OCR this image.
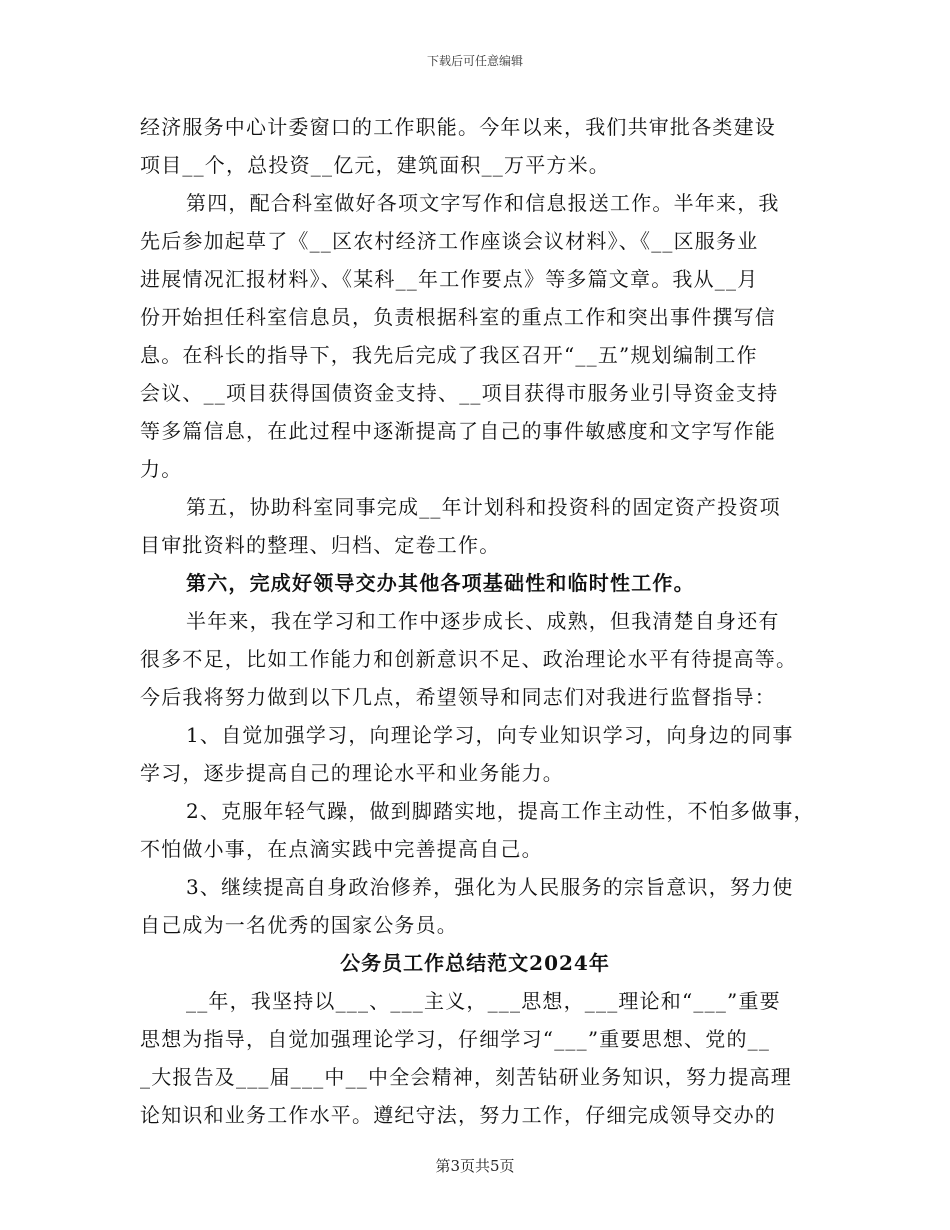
下载后可任意编辑
经济服务中心计委窗口的工作职能。今年以来，我们共审批各类建设
项目__个，总投资__亿元，建筑面积__万平方米。
第四，配合科室做好各项文字写作和信息报送工作。半年来，我
先后参加起草了《__区农村经济工作座谈会议材料》、《__区服务业
进展情况汇报材料》、《某科__年工作要点》等多篇文章。我从__月
份开始担任科室信息员，负责根据科室的重点工作和突出事件撰写信
息。在科长的指导下，我先后完成了我区召开“__五”规划编制工作
会议、__项目获得国债资金支持、__项目获得市服务业引导资金支持
等多篇信息，在此过程中逐渐提高了自己的事件敏感度和文字写作能
力。
第五，协助科室同事完成__年计划科和投资科的固定资产投资项
目审批资料的整理、归档、定卷工作。
第六，完成好领导交办其他各项基础性和临时性工作。
半年来，我在学习和工作中逐步成长、成熟，但我清楚自身还有
很多不足，比如工作能力和创新意识不足、政治理论水平有待提高等。
今后我将努力做到以下几点，希望领导和同志们对我进行监督指导：
1、自觉加强学习，向理论学习，向专业知识学习，向身边的同事
学习，逐步提高自己的理论水平和业务能力。
2、克服年轻气躁，做到脚踏实地，提高工作主动性，不怕多做事，
不怕做小事，在点滴实践中完善提高自己。
3、继续提高自身政治修养，强化为人民服务的宗旨意识，努力使
自己成为一名优秀的国家公务员。
公务员工作总结范文2024年
__年，我坚持以___、___主义，___思想，___理论和“___”重要
思想为指导，自觉加强理论学习，仔细学习“___”重要思想、党的__
_大报告及___届___中__中全会精神，刻苦钻研业务知识，努力提高理
论知识和业务工作水平。遵纪守法，努力工作，仔细完成领导交办的
第3页共5页
